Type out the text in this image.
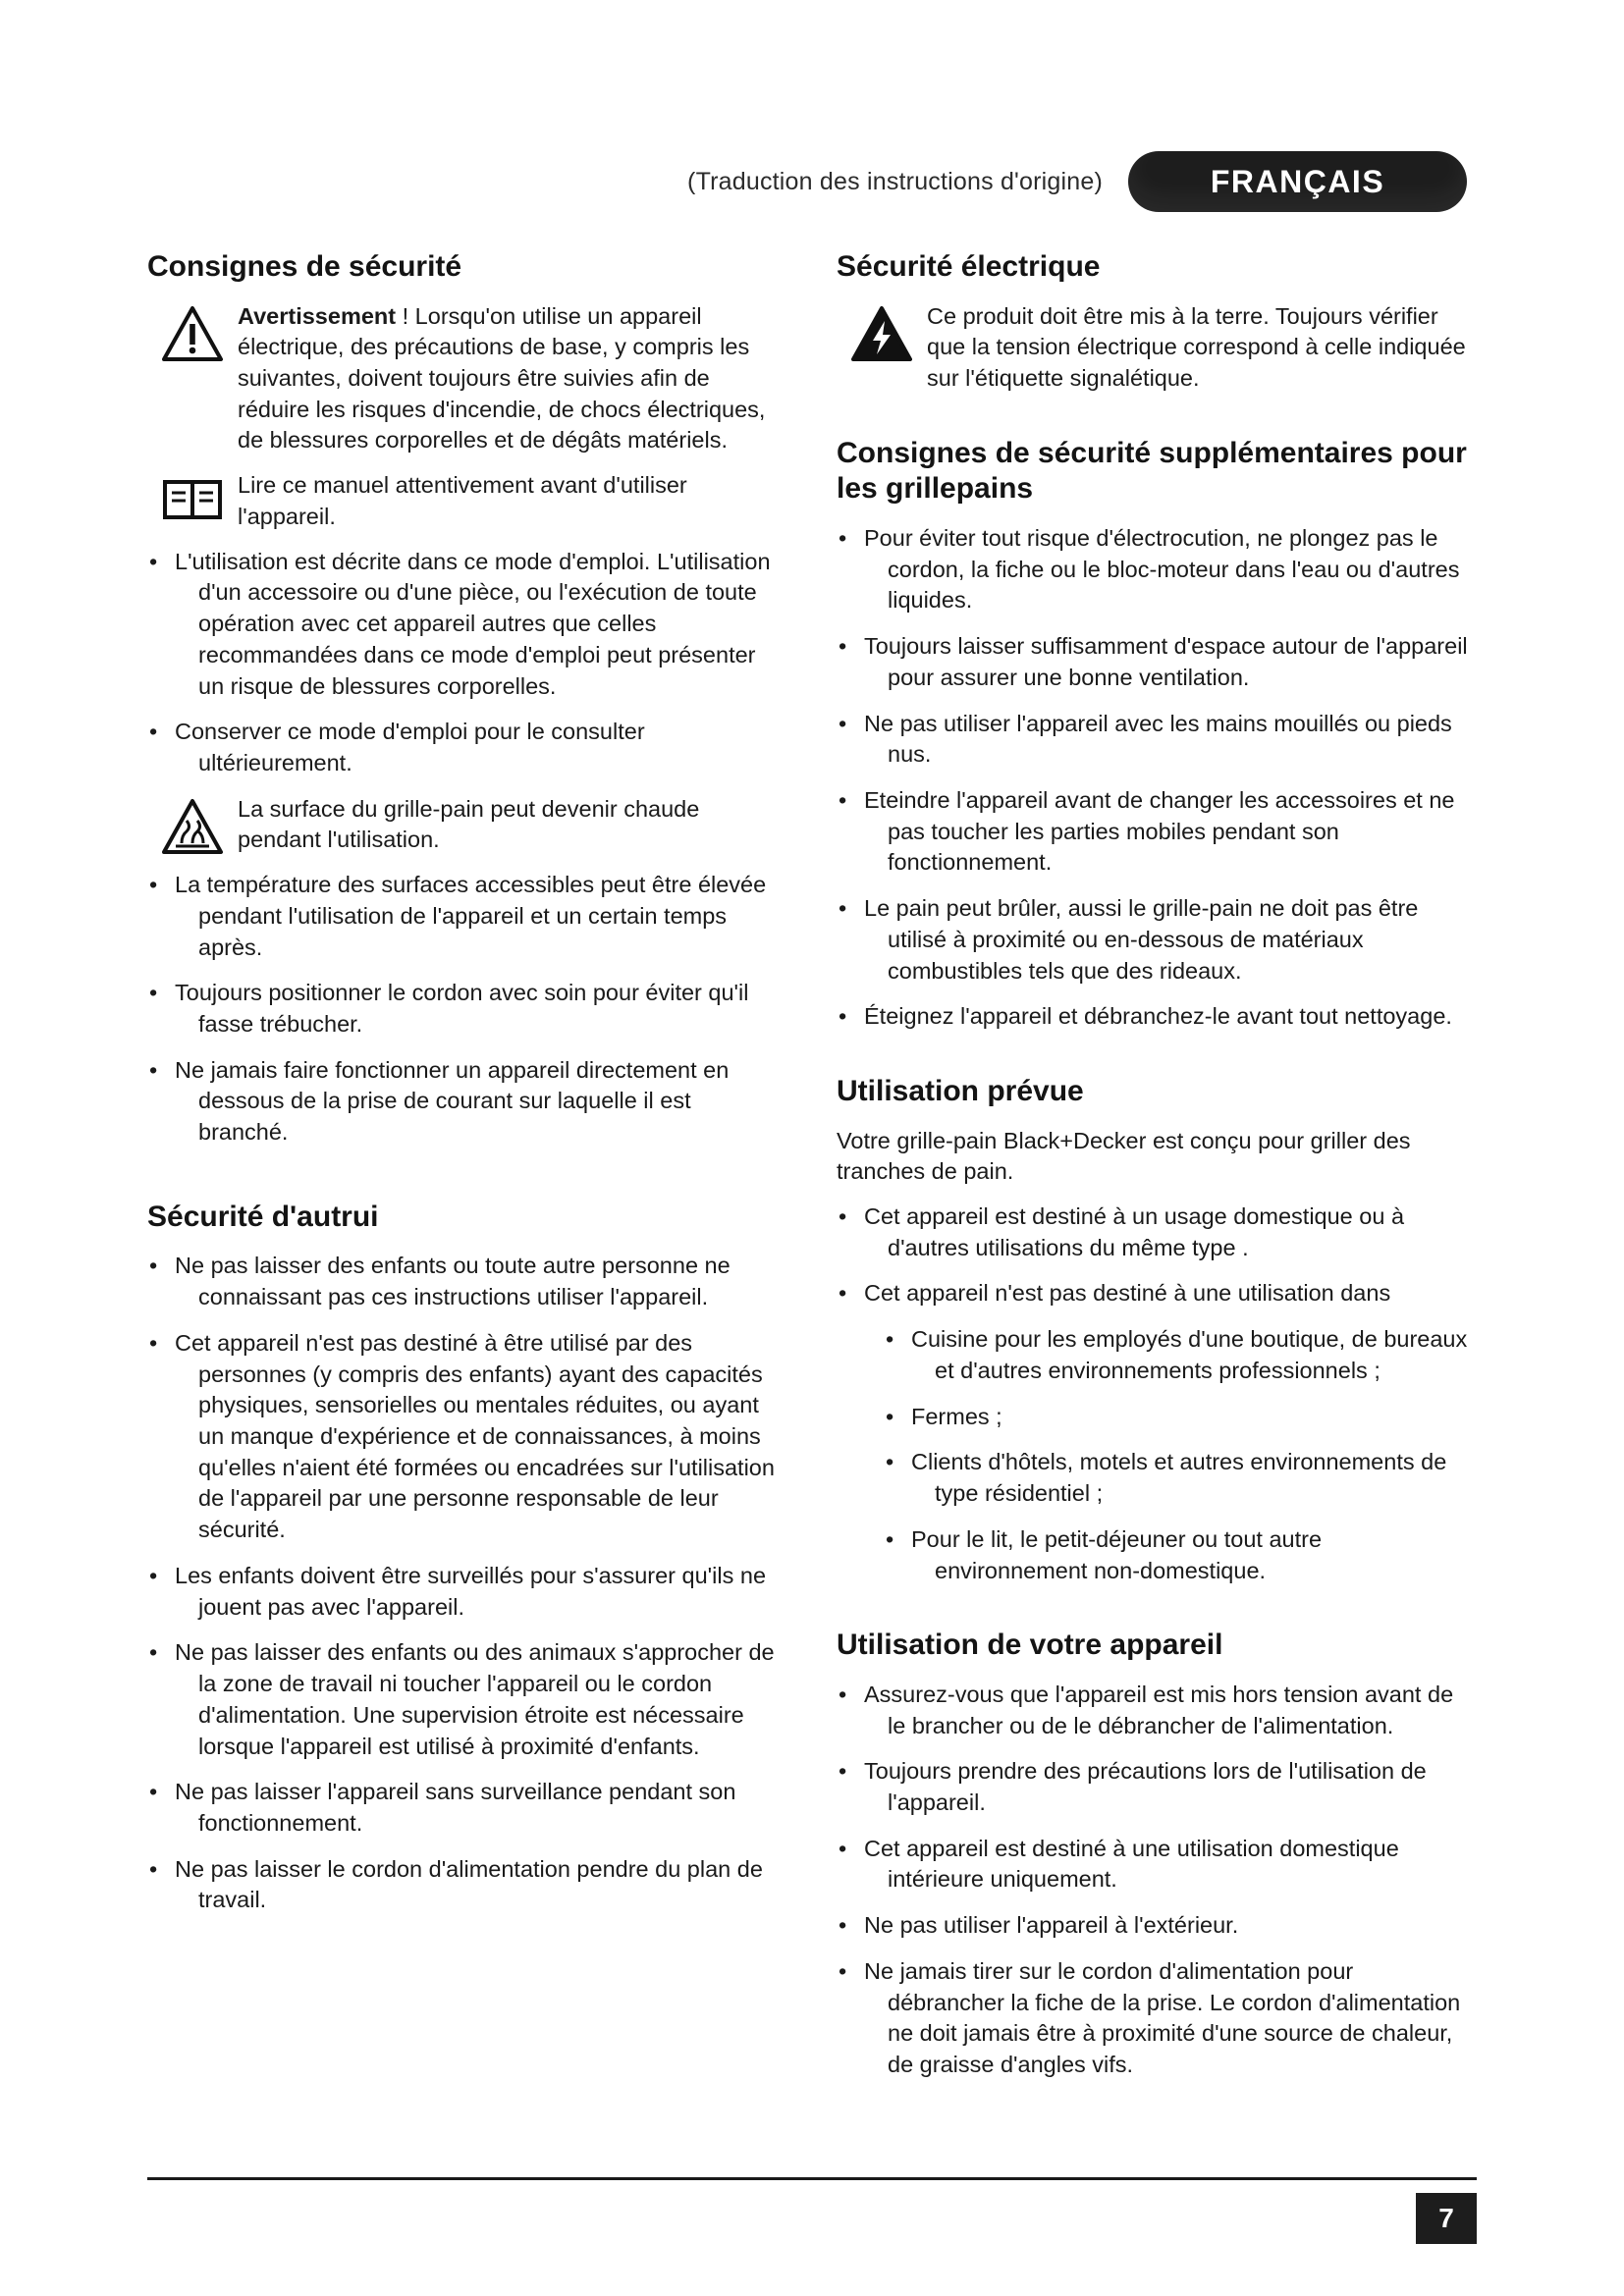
(Traduction des instructions d'origine)	FRANÇAIS
Consignes de sécurité
Avertissement ! Lorsqu'on utilise un appareil électrique, des précautions de base, y compris les suivantes, doivent toujours être suivies afin de réduire les risques d'incendie, de chocs électriques, de blessures corporelles et de dégâts matériels.
Lire ce manuel attentivement avant d'utiliser l'appareil.
• L'utilisation est décrite dans ce mode d'emploi. L'utilisation d'un accessoire ou d'une pièce, ou l'exécution de toute opération avec cet appareil autres que celles recommandées dans ce mode d'emploi peut présenter un risque de blessures corporelles.
• Conserver ce mode d'emploi pour le consulter ultérieurement.
La surface du grille-pain peut devenir chaude pendant l'utilisation.
• La température des surfaces accessibles peut être élevée pendant l'utilisation de l'appareil et un certain temps après.
• Toujours positionner le cordon avec soin pour éviter qu'il fasse trébucher.
• Ne jamais faire fonctionner un appareil directement en dessous de la prise de courant sur laquelle il est branché.
Sécurité d'autrui
• Ne pas laisser des enfants ou toute autre personne ne connaissant pas ces instructions utiliser l'appareil.
• Cet appareil n'est pas destiné à être utilisé par des personnes (y compris des enfants) ayant des capacités physiques, sensorielles ou mentales réduites, ou ayant un manque d'expérience et de connaissances, à moins qu'elles n'aient été formées ou encadrées sur l'utilisation de l'appareil par une personne responsable de leur sécurité.
• Les enfants doivent être surveillés pour s'assurer qu'ils ne jouent pas avec l'appareil.
• Ne pas laisser des enfants ou des animaux s'approcher de la zone de travail ni toucher l'appareil ou le cordon d'alimentation. Une supervision étroite est nécessaire lorsque l'appareil est utilisé à proximité d'enfants.
• Ne pas laisser l'appareil sans surveillance pendant son fonctionnement.
• Ne pas laisser le cordon d'alimentation pendre du plan de travail.
Sécurité électrique
Ce produit doit être mis à la terre. Toujours vérifier que la tension électrique correspond à celle indiquée sur l'étiquette signalétique.
Consignes de sécurité supplémentaires pour les grillepains
• Pour éviter tout risque d'électrocution, ne plongez pas le cordon, la fiche ou le bloc-moteur dans l'eau ou d'autres liquides.
• Toujours laisser suffisamment d'espace autour de l'appareil pour assurer une bonne ventilation.
• Ne pas utiliser l'appareil avec les mains mouillés ou pieds nus.
• Eteindre l'appareil avant de changer les accessoires et ne pas toucher les parties mobiles pendant son fonctionnement.
• Le pain peut brûler, aussi le grille-pain ne doit pas être utilisé à proximité ou en-dessous de matériaux combustibles tels que des rideaux.
• Éteignez l'appareil et débranchez-le avant tout nettoyage.
Utilisation prévue

Votre grille-pain Black+Decker est conçu pour griller des tranches de pain.

• Cet appareil est destiné à un usage domestique ou à d'autres utilisations du même type .
• Cet appareil n'est pas destiné à une utilisation dans
• Cuisine pour les employés d'une boutique, de bureaux et d'autres environnements professionnels ;
• Fermes ;
• Clients d'hôtels, motels et autres environnements de type résidentiel ;
• Pour le lit, le petit-déjeuner ou tout autre environnement non-domestique.
Utilisation de votre appareil
• Assurez-vous que l'appareil est mis hors tension avant de le brancher ou de le débrancher de l'alimentation.
• Toujours prendre des précautions lors de l'utilisation de l'appareil.
• Cet appareil est destiné à une utilisation domestique intérieure uniquement.
• Ne pas utiliser l'appareil à l'extérieur.
• Ne jamais tirer sur le cordon d'alimentation pour débrancher la fiche de la prise. Le cordon d'alimentation ne doit jamais être à proximité d'une source de chaleur, de graisse d'angles vifs.
7
